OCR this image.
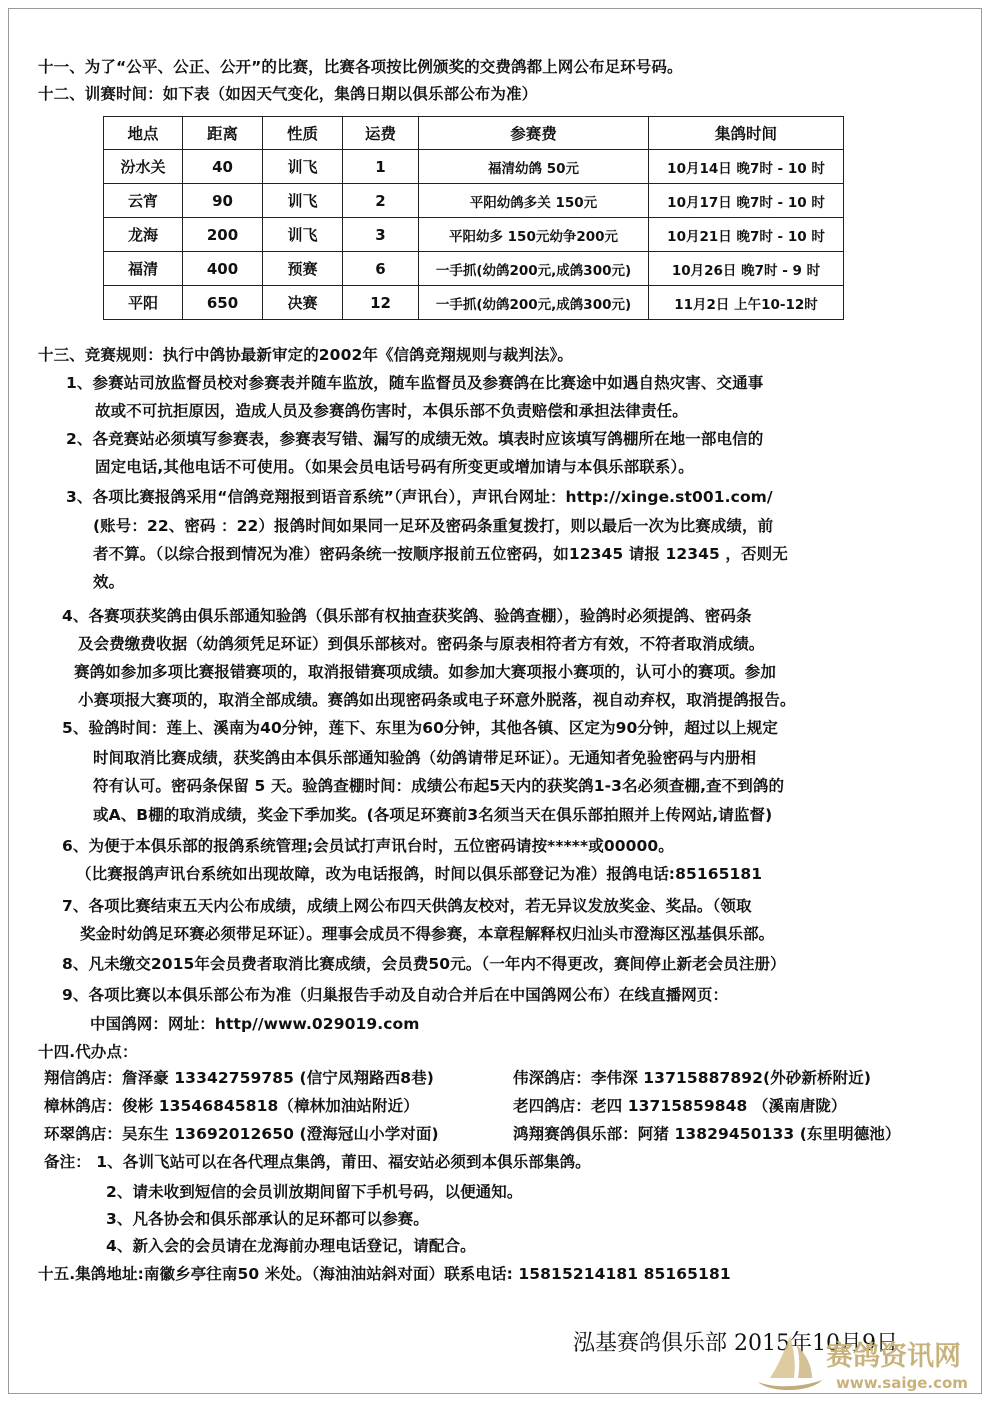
十一、为了“公平、公正、公开”的比赛，比赛各项按比例颁奖的交费鸽都上网公布足环号码。
十二、训赛时间：如下表（如因天气变化，集鸽日期以俱乐部公布为准）
地点	距离	性质	运费	参赛费	集鸽时间
汾水关	40	训飞	1	福清幼鸽 50元	10月14日 晚7时 - 10 时
云宵	90	训飞	2	平阳幼鸽多关 150元	10月17日 晚7时 - 10 时
龙海	200	训飞	3	平阳幼多 150元幼争200元	10月21日 晚7时 - 10 时
福清	400	预赛	6	一手抓(幼鸽200元,成鸽300元)	10月26日 晚7时 - 9 时
平阳	650	决赛	12	一手抓(幼鸽200元,成鸽300元)	11月2日 上午10-12时
十三、竞赛规则：执行中鸽协最新审定的2002年《信鸽竞翔规则与裁判法》。
1、参赛站司放监督员校对参赛表并随车监放，随车监督员及参赛鸽在比赛途中如遇自热灾害、交通事
故或不可抗拒原因，造成人员及参赛鸽伤害时，本俱乐部不负责赔偿和承担法律责任。
2、各竞赛站必须填写参赛表，参赛表写错、漏写的成绩无效。填表时应该填写鸽棚所在地一部电信的
固定电话,其他电话不可使用。（如果会员电话号码有所变更或增加请与本俱乐部联系）。
3、各项比赛报鸽采用“信鸽竞翔报到语音系统”（声讯台），声讯台网址：http://xinge.st001.com/
(账号：22、密码 ：22）报鸽时间如果同一足环及密码条重复拨打，则以最后一次为比赛成绩，前
者不算。（以综合报到情况为准）密码条统一按顺序报前五位密码，如12345 请报 12345 ，否则无
效。
4、各赛项获奖鸽由俱乐部通知验鸽（俱乐部有权抽查获奖鸽、验鸽查棚），验鸽时必须提鸽、密码条
及会费缴费收据（幼鸽须凭足环证）到俱乐部核对。密码条与原表相符者方有效，不符者取消成绩。
赛鸽如参加多项比赛报错赛项的，取消报错赛项成绩。如参加大赛项报小赛项的，认可小的赛项。参加
小赛项报大赛项的，取消全部成绩。赛鸽如出现密码条或电子环意外脱落，视自动弃权，取消提鸽报告。
5、验鸽时间：莲上、溪南为40分钟，莲下、东里为60分钟，其他各镇、区定为90分钟，超过以上规定
时间取消比赛成绩，获奖鸽由本俱乐部通知验鸽（幼鸽请带足环证）。无通知者免验密码与内册相
符有认可。密码条保留 5 天。验鸽查棚时间：成绩公布起5天内的获奖鸽1-3名必须查棚,查不到鸽的
或A、B棚的取消成绩，奖金下季加奖。(各项足环赛前3名须当天在俱乐部拍照并上传网站,请监督)
6、为便于本俱乐部的报鸽系统管理;会员试打声讯台时，五位密码请按*****或00000。
（比赛报鸽声讯台系统如出现故障，改为电话报鸽，时间以俱乐部登记为准）报鸽电话:85165181
7、各项比赛结束五天内公布成绩，成绩上网公布四天供鸽友校对，若无异议发放奖金、奖品。（领取
奖金时幼鸽足环赛必须带足环证）。理事会成员不得参赛，本章程解释权归汕头市澄海区泓基俱乐部。
8、凡未缴交2015年会员费者取消比赛成绩，会员费50元。（一年内不得更改，赛间停止新老会员注册）
9、各项比赛以本俱乐部公布为准（归巢报告手动及自动合并后在中国鸽网公布）在线直播网页：
中国鸽网：网址：http//www.029019.com
十四.代办点：
翔信鸽店：詹泽豪 13342759785 (信宁凤翔路西8巷)	伟深鸽店：李伟深 13715887892(外砂新桥附近)
樟林鸽店：俊彬 13546845818（樟林加油站附近）	老四鸽店：老四 13715859848 （溪南唐陇）
环翠鸽店：吴东生 13692012650 (澄海冠山小学对面)	鸿翔赛鸽俱乐部：阿猪 13829450133 (东里明德池）
备注： 1、各训飞站可以在各代理点集鸽，莆田、福安站必须到本俱乐部集鸽。
2、请未收到短信的会员训放期间留下手机号码，以便通知。
3、凡各协会和俱乐部承认的足环都可以参赛。
4、新入会的会员请在龙海前办理电话登记，请配合。
十五.集鸽地址:南徽乡亭往南50 米处。（海油油站斜对面）联系电话: 15815214181 85165181
泓基赛鸽俱乐部 2015年10月9日
赛鸽资讯网
www.saige.com
